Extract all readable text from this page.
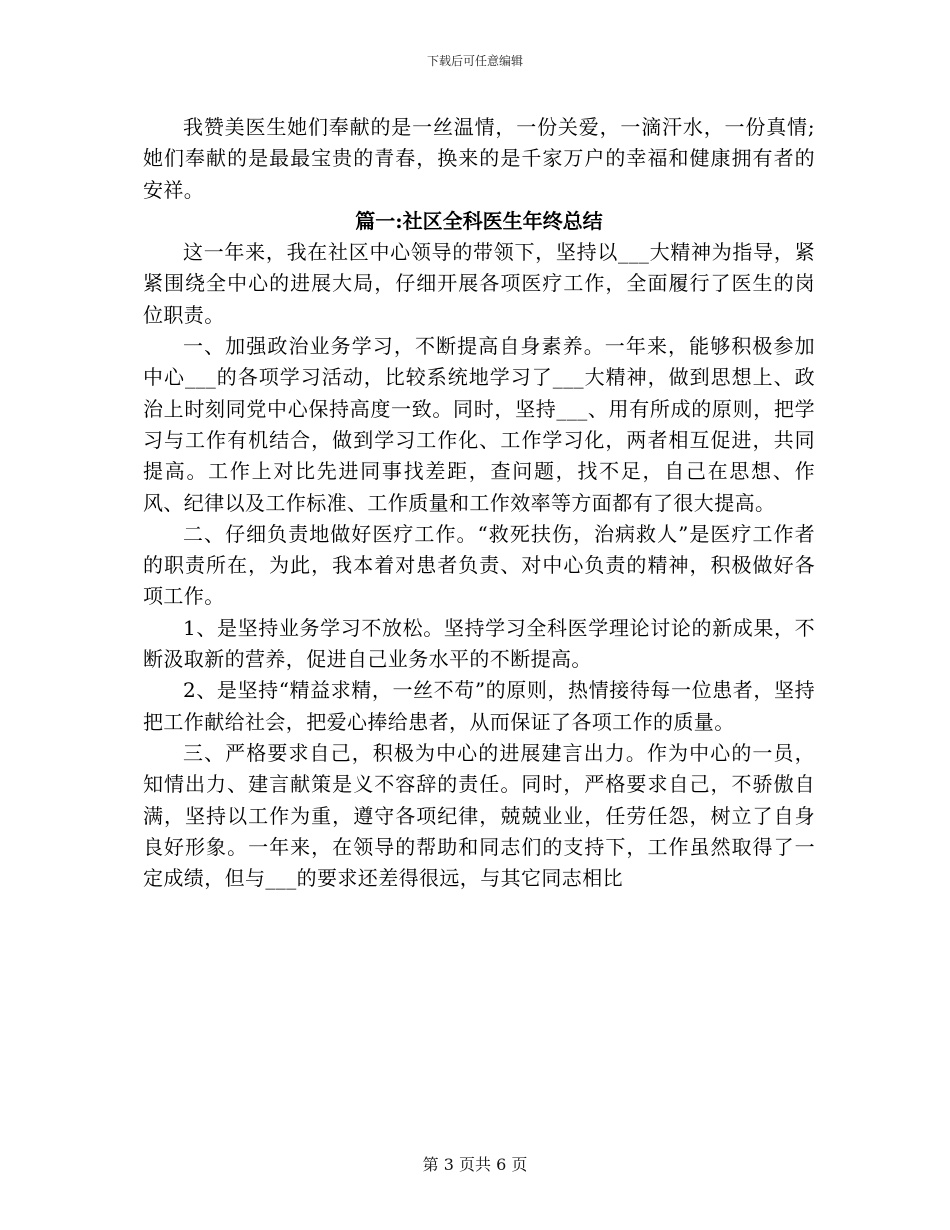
下载后可任意编辑

我赞美医生她们奉献的是一丝温情，一份关爱，一滴汗水，一份真情;她们奉献的是最最宝贵的青春，换来的是千家万户的幸福和健康拥有者的安祥。

篇一:社区全科医生年终总结

这一年来，我在社区中心领导的带领下，坚持以___大精神为指导，紧紧围绕全中心的进展大局，仔细开展各项医疗工作，全面履行了医生的岗位职责。

一、加强政治业务学习，不断提高自身素养。一年来，能够积极参加中心___的各项学习活动，比较系统地学习了___大精神，做到思想上、政治上时刻同党中心保持高度一致。同时，坚持___、用有所成的原则，把学习与工作有机结合，做到学习工作化、工作学习化，两者相互促进，共同提高。工作上对比先进同事找差距，查问题，找不足，自己在思想、作风、纪律以及工作标准、工作质量和工作效率等方面都有了很大提高。

二、仔细负责地做好医疗工作。“救死扶伤，治病救人”是医疗工作者的职责所在，为此，我本着对患者负责、对中心负责的精神，积极做好各项工作。

1、是坚持业务学习不放松。坚持学习全科医学理论讨论的新成果，不断汲取新的营养，促进自己业务水平的不断提高。

2、是坚持“精益求精，一丝不苟”的原则，热情接待每一位患者，坚持把工作献给社会，把爱心捧给患者，从而保证了各项工作的质量。

三、严格要求自己，积极为中心的进展建言出力。作为中心的一员，知情出力、建言献策是义不容辞的责任。同时，严格要求自己，不骄傲自满，坚持以工作为重，遵守各项纪律，兢兢业业，任劳任怨，树立了自身良好形象。一年来，在领导的帮助和同志们的支持下，工作虽然取得了一定成绩，但与___的要求还差得很远，与其它同志相比

第 3 页共 6 页
